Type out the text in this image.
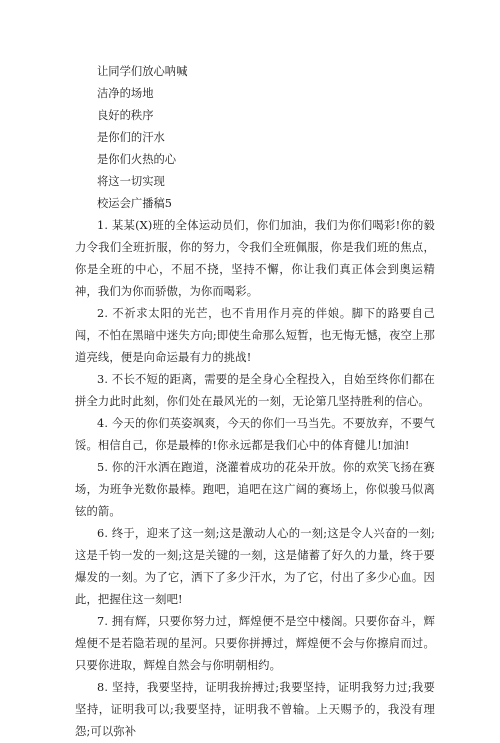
让同学们放心呐喊
洁净的场地
良好的秩序
是你们的汗水
是你们火热的心
将这一切实现
校运会广播稿5

1. 某某(X)班的全体运动员们，你们加油，我们为你们喝彩!你的毅力令我们全班折服，你的努力，令我们全班佩服，你是我们班的焦点，你是全班的中心，不屈不挠，坚持不懈，你让我们真正体会到奥运精神，我们为你而骄傲，为你而喝彩。

2. 不祈求太阳的光芒，也不肯用作月亮的伴娘。脚下的路要自己闯，不怕在黑暗中迷失方向;即使生命那么短暂，也无悔无憾，夜空上那道亮线，便是向命运最有力的挑战!

3. 不长不短的距离，需要的是全身心全程投入，自始至终你们都在拼全力此时此刻，你们处在最风光的一刻，无论第几坚持胜利的信心。

4. 今天的你们英姿飒爽，今天的你们一马当先。不要放弃，不要气馁。相信自己，你是最棒的!你永远都是我们心中的体育健儿!加油!

5. 你的汗水洒在跑道，浇灌着成功的花朵开放。你的欢笑飞扬在赛场，为班争光数你最棒。跑吧，追吧在这广阔的赛场上，你似骏马似离铉的箭。

6. 终于，迎来了这一刻;这是激动人心的一刻;这是令人兴奋的一刻;这是千钧一发的一刻;这是关键的一刻，这是储蓄了好久的力量，终于要爆发的一刻。为了它，洒下了多少汗水，为了它，付出了多少心血。因此，把握住这一刻吧!

7. 拥有辉，只要你努力过，辉煌便不是空中楼阁。只要你奋斗，辉煌便不是若隐若现的星河。只要你拼搏过，辉煌便不会与你擦肩而过。只要你进取，辉煌自然会与你明朝相约。

8. 坚持，我要坚持，证明我拚搏过;我要坚持，证明我努力过;我要坚持，证明我可以;我要坚持，证明我不曾输。上天赐予的，我没有理怨;可以弥补
